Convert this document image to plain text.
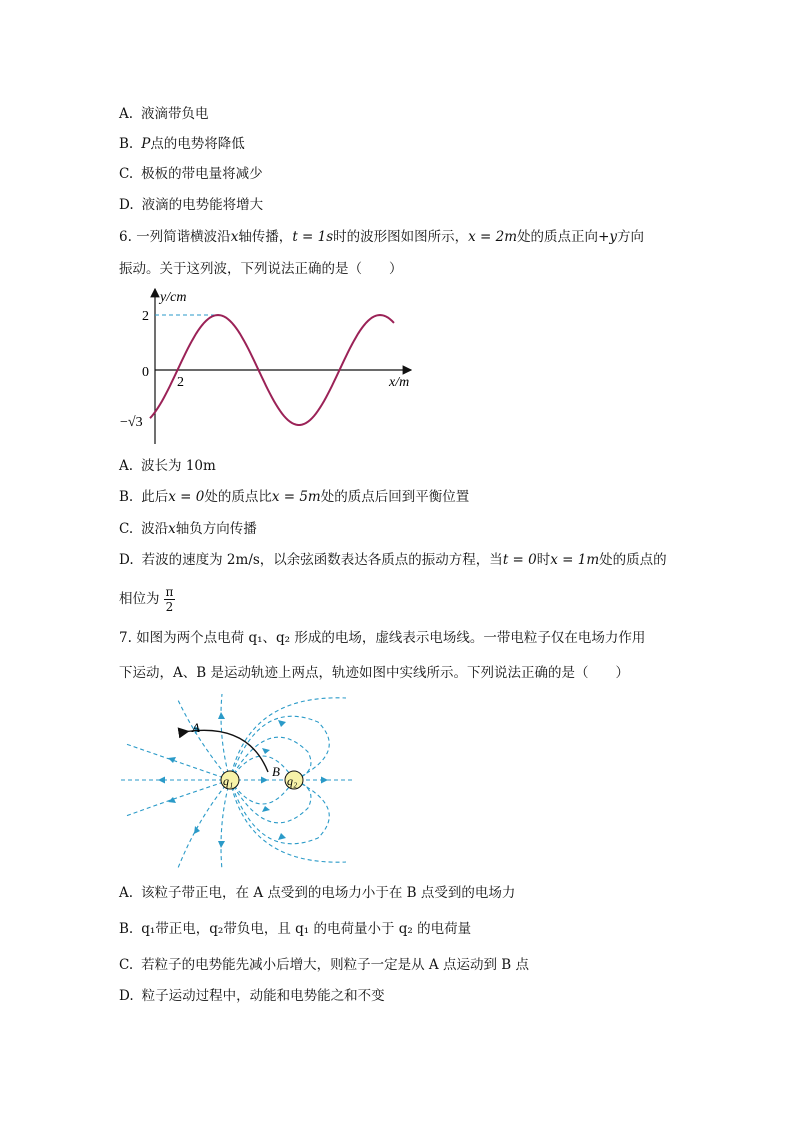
A. 液滴带负电
B. P点的电势将降低
C. 极板的带电量将减少
D. 液滴的电势能将增大
6. 一列简谐横波沿x轴传播，t = 1s时的波形图如图所示，x = 2m处的质点正向+y方向
振动。关于这列波，下列说法正确的是（　　）
y/cm
x/m
2
0
2
−√3
A. 波长为 10m
B. 此后x = 0处的质点比x = 5m处的质点后回到平衡位置
C. 波沿x轴负方向传播
D. 若波的速度为 2m/s，以余弦函数表达各质点的振动方程，当t = 0时x = 1m处的质点的
相位为 $\frac{\pi}{2}$
7. 如图为两个点电荷 q₁、q₂ 形成的电场，虚线表示电场线。一带电粒子仅在电场力作用
下运动，A、B 是运动轨迹上两点，轨迹如图中实线所示。下列说法正确的是（　　）
q₁	q₂
A
B
A. 该粒子带正电，在 A 点受到的电场力小于在 B 点受到的电场力
B. q₁带正电，q₂带负电，且 q₁ 的电荷量小于 q₂ 的电荷量
C. 若粒子的电势能先减小后增大，则粒子一定是从 A 点运动到 B 点
D. 粒子运动过程中，动能和电势能之和不变
